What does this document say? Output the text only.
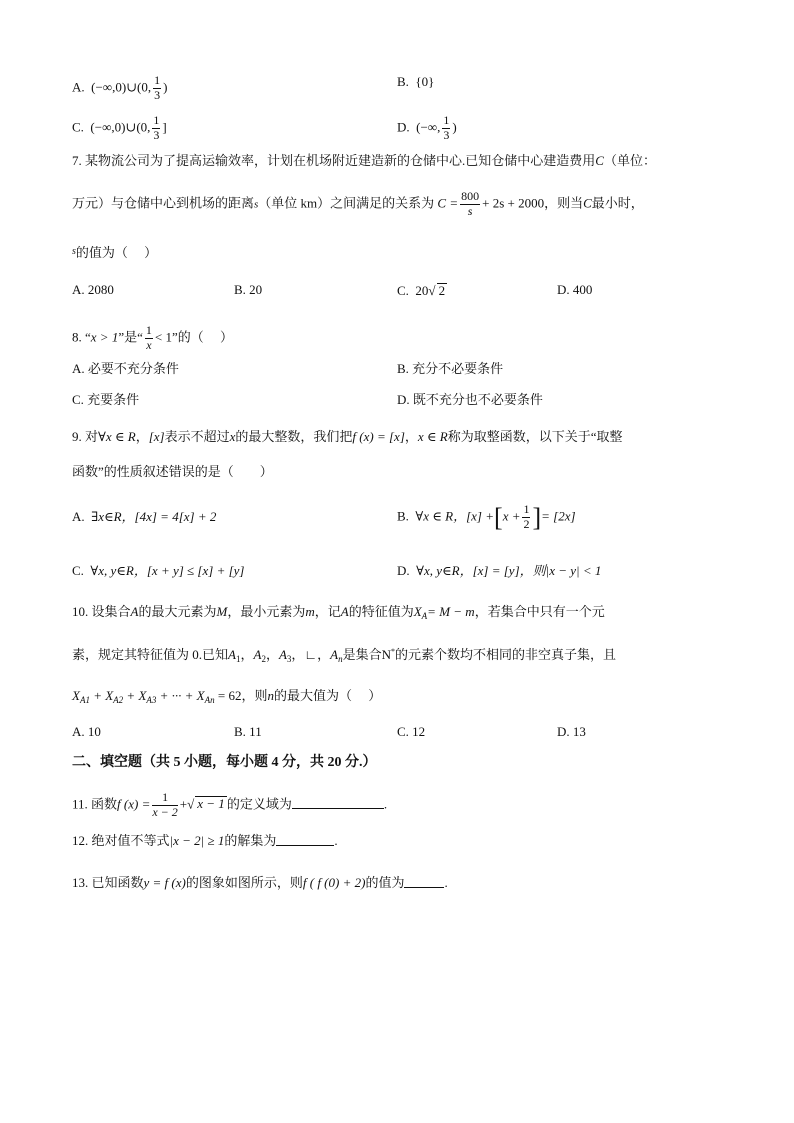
A. (−∞,0)∪(0, $\frac{1}{3}$ )	B. {0}
C. (−∞,0)∪(0, $\frac{1}{3}$ ]	D. (−∞, $\frac{1}{3}$ )
7. 某物流公司为了提高运输效率，计划在机场附近建造新的仓储中心.已知仓储中心建造费用C（单位：
万元）与仓储中心到机场的距离s（单位 km）之间满足的关系为 $C = \frac{800}{s} + 2s + 2000$，则当C最小时，
$^s$的值为（　 ）
A. 2080	B. 20	C. 20√ 2	D. 400
8. “x > 1”是“ $\frac{1}{x} < 1$”的（　 ）
A. 必要不充分条件	B. 充分不必要条件
C. 充要条件	D. 既不充分也不必要条件
9. 对∀x ∈ R，[x]表示不超过x的最大整数，我们把f (x) = [x]，x ∈ R称为取整函数，以下关于“取整
函数”的性质叙述错误的是（　　）
A. ∃x∈R，[4x] = 4[x] + 2	B. ∀x ∈ R，$[x] +[x + \frac{1}{2}$ ]= [2x]
C. ∀x, y∈R，[x + y] ≤ [x] + [y]	D. ∀x, y∈R，[x] = [y]，则|x − y| < 1
10. 设集合A的最大元素为M，最小元素为m，记A的特征值为$X_A= M - m$，若集合中只有一个元
素，规定其特征值为 0.已知$A_1$，$A_2$，$A_3$，∟，$A_n$是集合N*的元素个数均不相同的非空真子集，且
$X_{A1} + X_{A2} + X_{A3}$ + ··· + $X_{An} = 62$，则n的最大值为（　 ）
A. 10	B. 11	C. 12	D. 13
二、填空题（共 5 小题，每小题 4 分，共 20 分.）
11. 函数f $(x) = \frac{1}{x - 2}$ +√ x − 1 的定义域为	.
12. 绝对值不等式|x − 2| ≥ 1的解集为	.
13. 已知函数y = f (x)的图象如图所示，则f ( f (0) + 2)的值为	.
